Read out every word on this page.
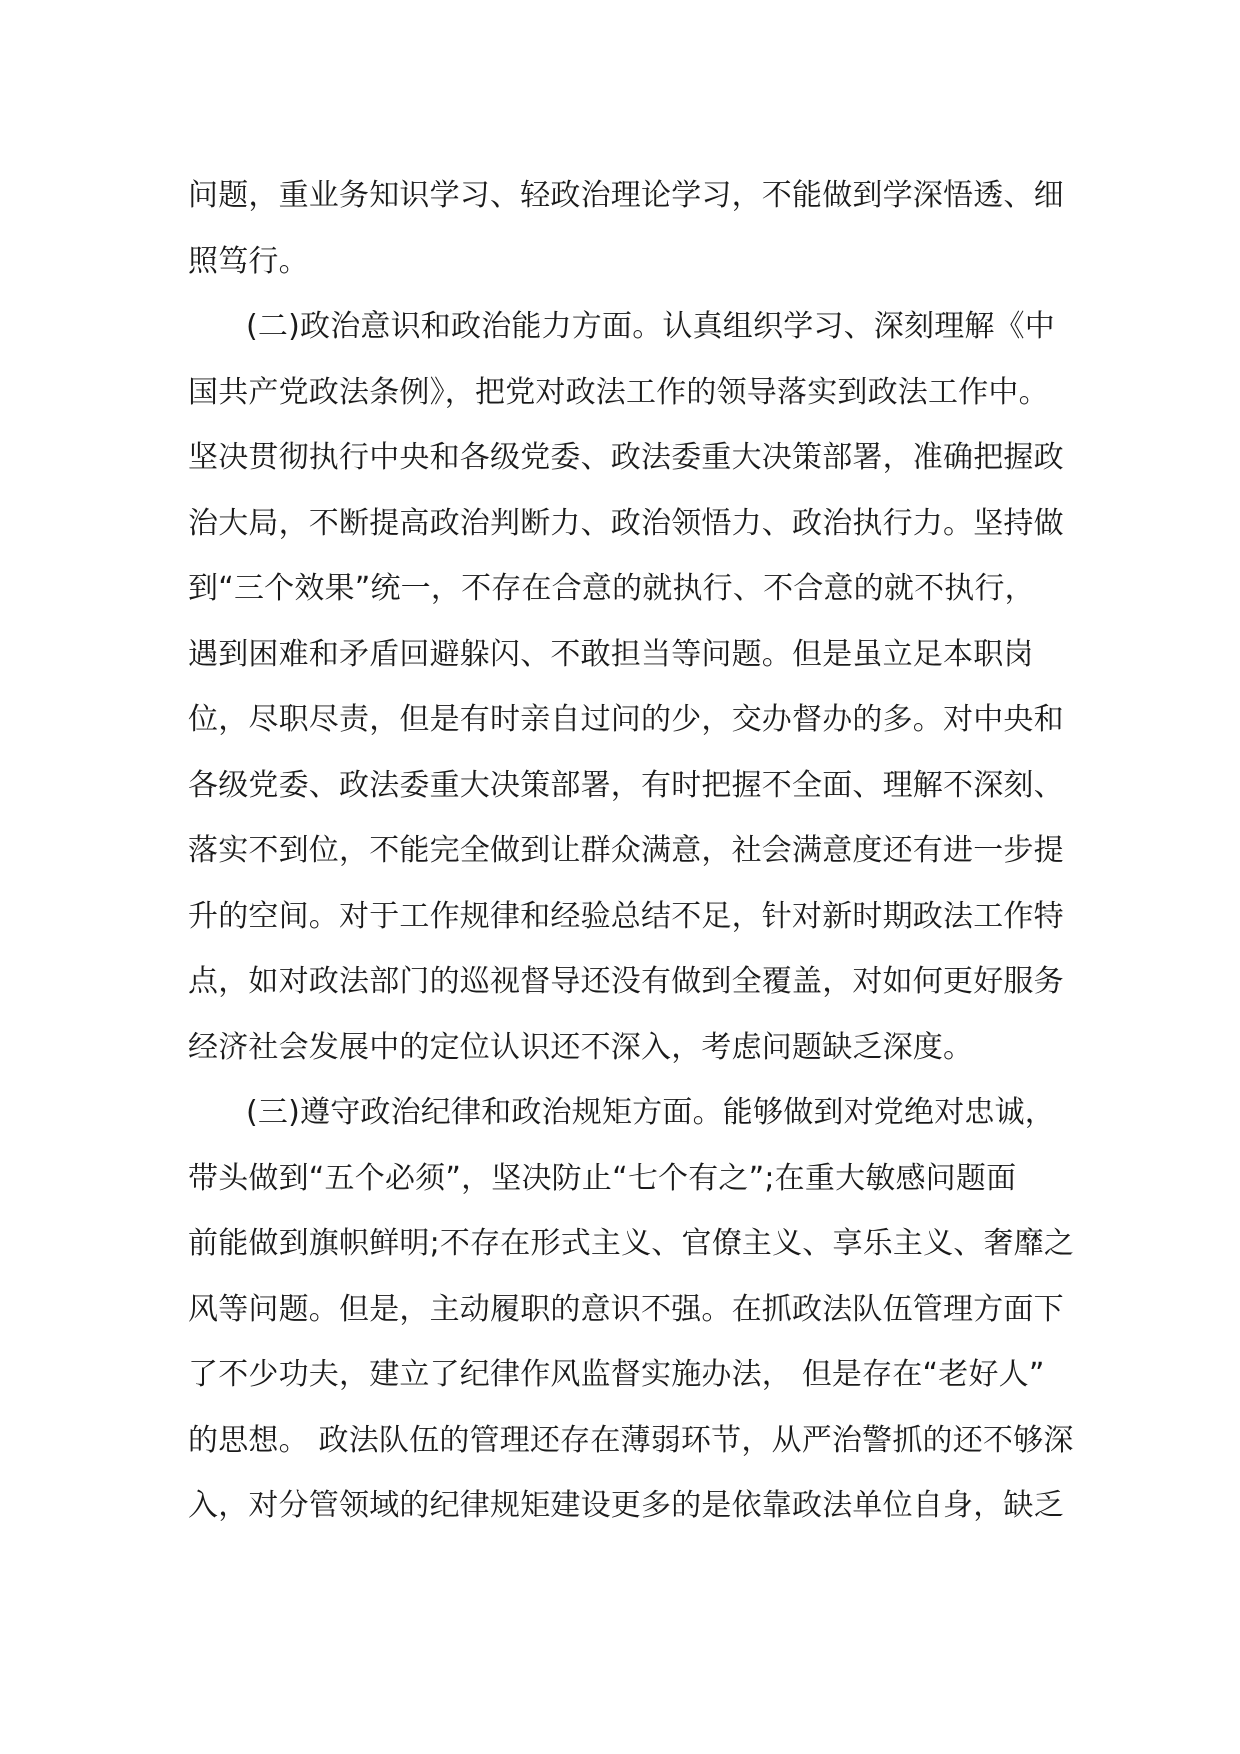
问题，重业务知识学习、轻政治理论学习，不能做到学深悟透、细
照笃行。
(二)政治意识和政治能力方面。认真组织学习、深刻理解《中
国共产党政法条例》，把党对政法工作的领导落实到政法工作中。
坚决贯彻执行中央和各级党委、政法委重大决策部署，准确把握政
治大局，不断提高政治判断力、政治领悟力、政治执行力。坚持做
到“三个效果”统一，不存在合意的就执行、不合意的就不执行，
遇到困难和矛盾回避躲闪、不敢担当等问题。但是虽立足本职岗
位，尽职尽责，但是有时亲自过问的少，交办督办的多。对中央和
各级党委、政法委重大决策部署，有时把握不全面、理解不深刻、
落实不到位，不能完全做到让群众满意，社会满意度还有进一步提
升的空间。对于工作规律和经验总结不足，针对新时期政法工作特
点，如对政法部门的巡视督导还没有做到全覆盖，对如何更好服务
经济社会发展中的定位认识还不深入，考虑问题缺乏深度。
(三)遵守政治纪律和政治规矩方面。能够做到对党绝对忠诚，
带头做到“五个必须”，坚决防止“七个有之”;在重大敏感问题面
前能做到旗帜鲜明;不存在形式主义、官僚主义、享乐主义、奢靡之
风等问题。但是，主动履职的意识不强。在抓政法队伍管理方面下
了不少功夫，建立了纪律作风监督实施办法， 但是存在“老好人”
的思想。 政法队伍的管理还存在薄弱环节，从严治警抓的还不够深
入，对分管领域的纪律规矩建设更多的是依靠政法单位自身，缺乏
